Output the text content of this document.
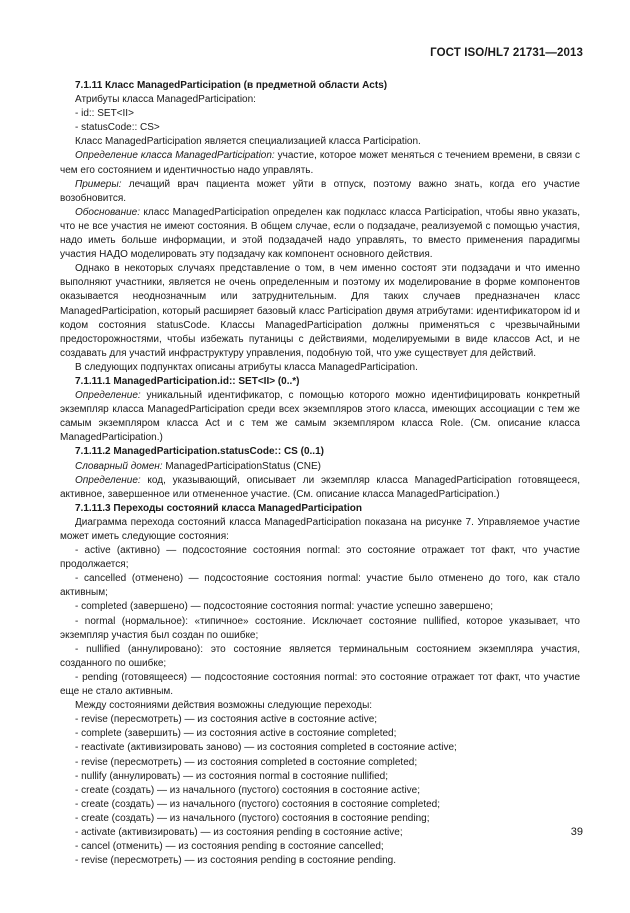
ГОСТ ISO/HL7 21731—2013

7.1.11 Класс ManagedParticipation (в предметной области Acts)

Атрибуты класса ManagedParticipation:

- id:: SET<II>

- statusCode:: CS>

Класс ManagedParticipation является специализацией класса Participation.

Определение класса ManagedParticipation: участие, которое может меняться с течением времени, в связи с чем его состоянием и идентичностью надо управлять.

Примеры: лечащий врач пациента может уйти в отпуск, поэтому важно знать, когда его участие возобновится.

Обоснование: класс ManagedParticipation определен как подкласс класса Participation, чтобы явно указать, что не все участия не имеют состояния. В общем случае, если о подзадаче, реализуемой с помощью участия, надо иметь больше информации, и этой подзадачей надо управлять, то вместо применения парадигмы участия НАДО моделировать эту подзадачу как компонент основного действия.

Однако в некоторых случаях представление о том, в чем именно состоят эти подзадачи и что именно выполняют участники, является не очень определенным и поэтому их моделирование в форме компонентов оказывается неоднозначным или затруднительным. Для таких случаев предназначен класс ManagedParticipation, который расширяет базовый класс Participation двумя атрибутами: идентификатором id и кодом состояния statusCode. Классы ManagedParticipation должны применяться с чрезвычайными предосторожностями, чтобы избежать путаницы с действиями, моделируемыми в виде классов Act, и не создавать для участий инфраструктуру управления, подобную той, что уже существует для действий.

В следующих подпунктах описаны атрибуты класса ManagedParticipation.

7.1.11.1 ManagedParticipation.id:: SET<II> (0..*)

Определение: уникальный идентификатор, с помощью которого можно идентифицировать конкретный экземпляр класса ManagedParticipation среди всех экземпляров этого класса, имеющих ассоциации с тем же самым экземпляром класса Act и с тем же самым экземпляром класса Role. (См. описание класса ManagedParticipation.)

7.1.11.2 ManagedParticipation.statusCode:: CS (0..1)

Словарный домен: ManagedParticipationStatus (CNE)

Определение: код, указывающий, описывает ли экземпляр класса ManagedParticipation готовящееся, активное, завершенное или отмененное участие. (См. описание класса ManagedParticipation.)

7.1.11.3 Переходы состояний класса ManagedParticipation

Диаграмма перехода состояний класса ManagedParticipation показана на рисунке 7. Управляемое участие может иметь следующие состояния:

- active (активно) — подсостояние состояния normal: это состояние отражает тот факт, что участие продолжается;

- cancelled (отменено) — подсостояние состояния normal: участие было отменено до того, как стало активным;

- completed (завершено) — подсостояние состояния normal: участие успешно завершено;

- normal (нормальное): «типичное» состояние. Исключает состояние nullified, которое указывает, что экземпляр участия был создан по ошибке;

- nullified (аннулировано): это состояние является терминальным состоянием экземпляра участия, созданного по ошибке;

- pending (готовящееся) — подсостояние состояния normal: это состояние отражает тот факт, что участие еще не стало активным.

Между состояниями действия возможны следующие переходы:

- revise (пересмотреть) — из состояния active в состояние active;

- complete (завершить) — из состояния active в состояние completed;

- reactivate (активизировать заново) — из состояния completed в состояние active;

- revise (пересмотреть) — из состояния completed в состояние completed;

- nullify (аннулировать) — из состояния normal в состояние nullified;

- create (создать) — из начального (пустого) состояния в состояние active;

- create (создать) — из начального (пустого) состояния в состояние completed;

- create (создать) — из начального (пустого) состояния в состояние pending;

- activate (активизировать) — из состояния pending в состояние active;

- cancel (отменить) — из состояния pending в состояние cancelled;

- revise (пересмотреть) — из состояния pending в состояние pending.

39
